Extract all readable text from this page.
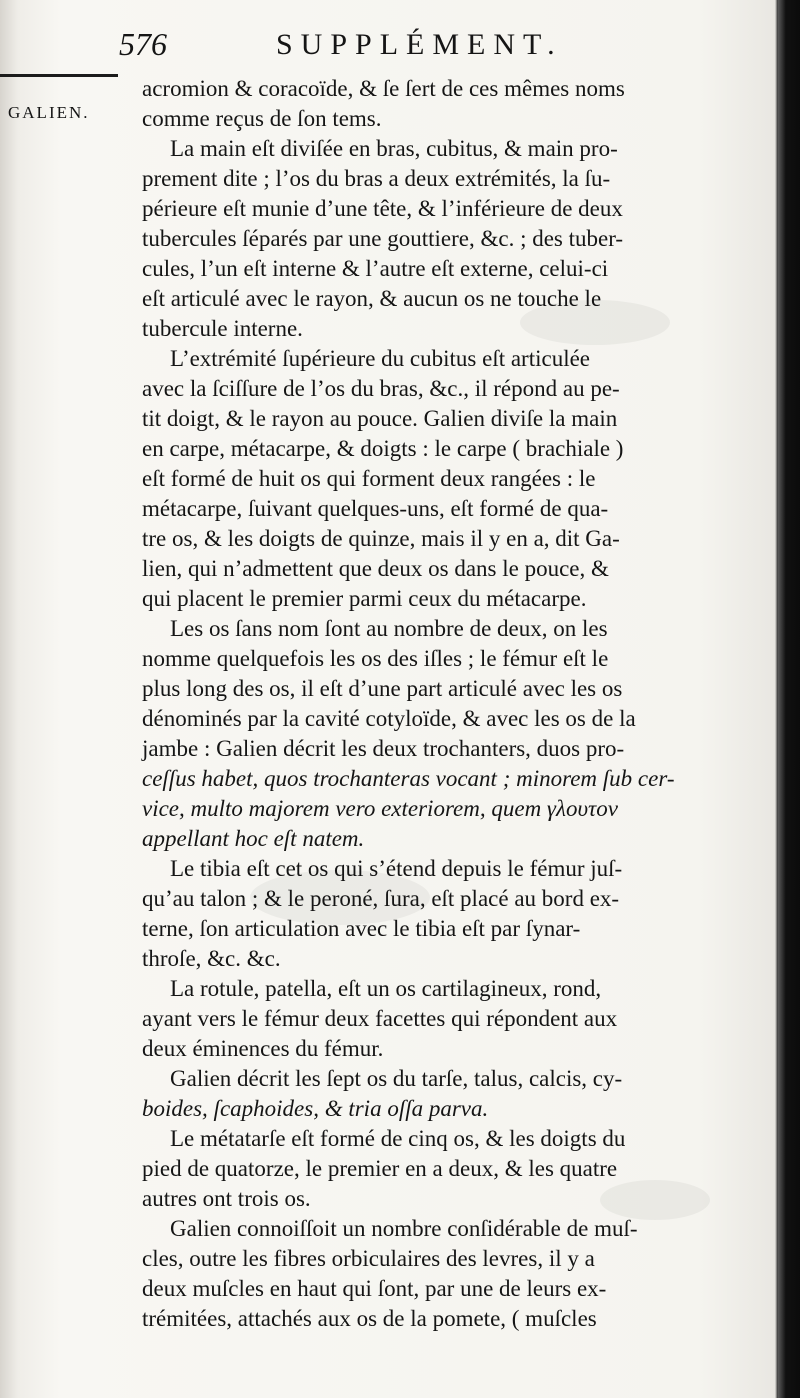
576	SUPPLÉMENT.
GALIEN.
acromion & coracoïde, & ſe ſert de ces mêmes noms
comme reçus de ſon tems.
La main eſt diviſée en bras, cubitus, & main pro-
prement dite ; l’os du bras a deux extrémités, la ſu-
périeure eſt munie d’une tête, & l’inférieure de deux
tubercules ſéparés par une gouttiere, &c. ; des tuber-
cules, l’un eſt interne & l’autre eſt externe, celui-ci
eſt articulé avec le rayon, & aucun os ne touche le
tubercule interne.
L’extrémité ſupérieure du cubitus eſt articulée
avec la ſciſſure de l’os du bras, &c., il répond au pe-
tit doigt, & le rayon au pouce. Galien diviſe la main
en carpe, métacarpe, & doigts : le carpe ( brachiale )
eſt formé de huit os qui forment deux rangées : le
métacarpe, ſuivant quelques-uns, eſt formé de qua-
tre os, & les doigts de quinze, mais il y en a, dit Ga-
lien, qui n’admettent que deux os dans le pouce, &
qui placent le premier parmi ceux du métacarpe.
Les os ſans nom ſont au nombre de deux, on les
nomme quelquefois les os des iſles ; le fémur eſt le
plus long des os, il eſt d’une part articulé avec les os
dénominés par la cavité cotyloïde, & avec les os de la
jambe : Galien décrit les deux trochanters, duos pro-
ceſſus habet, quos trochanteras vocant ; minorem ſub cer-
vice, multo majorem vero exteriorem, quem γλουτον
appellant hoc eſt natem.
Le tibia eſt cet os qui s’étend depuis le fémur juſ-
qu’au talon ; & le peroné, ſura, eſt placé au bord ex-
terne, ſon articulation avec le tibia eſt par ſynar-
throſe, &c. &c.
La rotule, patella, eſt un os cartilagineux, rond,
ayant vers le fémur deux facettes qui répondent aux
deux éminences du fémur.
Galien décrit les ſept os du tarſe, talus, calcis, cy-
boides, ſcaphoides, & tria oſſa parva.
Le métatarſe eſt formé de cinq os, & les doigts du
pied de quatorze, le premier en a deux, & les quatre
autres ont trois os.
Galien connoiſſoit un nombre conſidérable de muſ-
cles, outre les fibres orbiculaires des levres, il y a
deux muſcles en haut qui ſont, par une de leurs ex-
trémitées, attachés aux os de la pomete, ( muſcles
